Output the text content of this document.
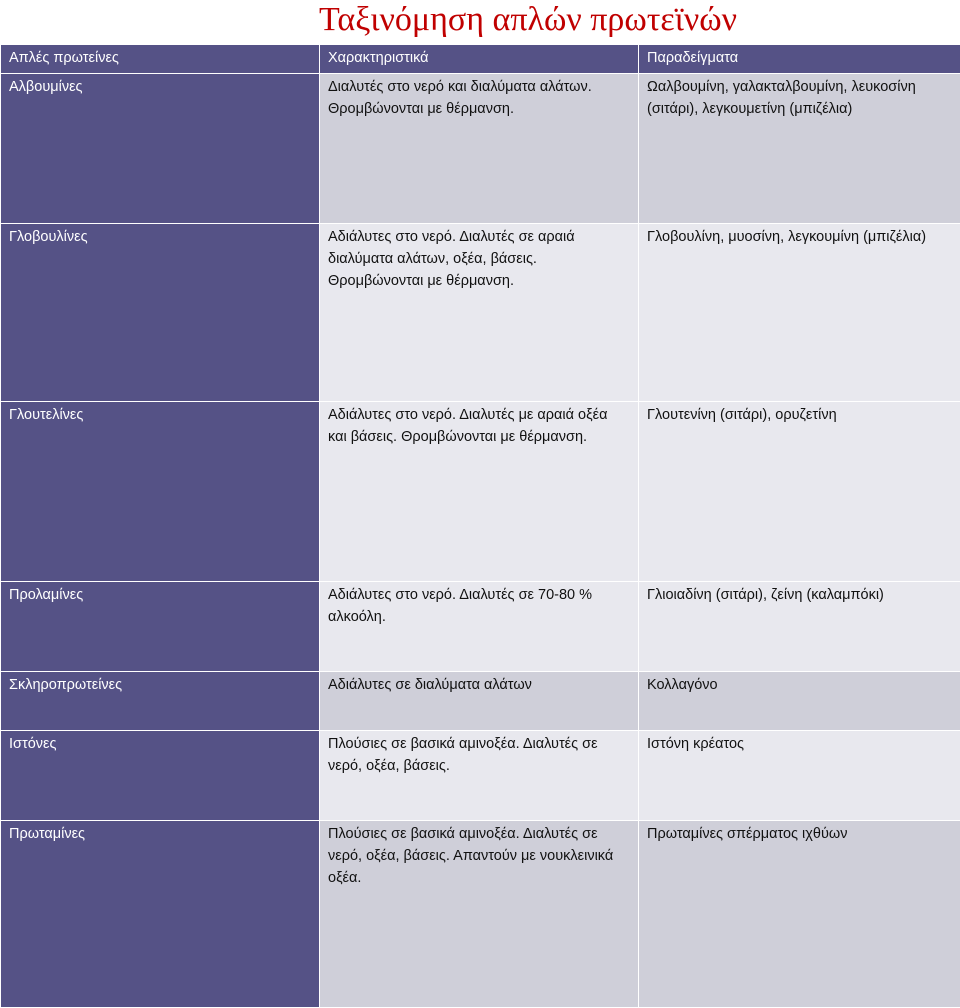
Ταξινόμηση απλών πρωτεϊνών
Απλές πρωτείνες	Χαρακτηριστικά	Παραδείγματα
Αλβουμίνες	Διαλυτές στο νερό και διαλύματα αλάτων. Θρομβώνονται με θέρμανση.	Ωαλβουμίνη, γαλακταλβουμίνη, λευκοσίνη (σιτάρι), λεγκουμετίνη (μπιζέλια)
Γλοβουλίνες	Αδιάλυτες στο νερό. Διαλυτές σε αραιά διαλύματα αλάτων, οξέα, βάσεις. Θρομβώνονται με θέρμανση.	Γλοβουλίνη, μυοσίνη, λεγκουμίνη (μπιζέλια)
Γλουτελίνες	Αδιάλυτες στο νερό. Διαλυτές με αραιά οξέα και βάσεις. Θρομβώνονται με θέρμανση.	Γλουτενίνη (σιτάρι), ορυζετίνη
Προλαμίνες	Αδιάλυτες στο νερό. Διαλυτές σε 70-80 % αλκοόλη.	Γλιοιαδίνη (σιτάρι), ζείνη (καλαμπόκι)
Σκληροπρωτείνες	Αδιάλυτες σε διαλύματα αλάτων	Κολλαγόνο
Ιστόνες	Πλούσιες σε βασικά αμινοξέα. Διαλυτές σε νερό, οξέα, βάσεις.	Ιστόνη κρέατος
Πρωταμίνες	Πλούσιες σε βασικά αμινοξέα. Διαλυτές σε νερό, οξέα, βάσεις. Απαντούν με νουκλεινικά οξέα.	Πρωταμίνες σπέρματος ιχθύων
